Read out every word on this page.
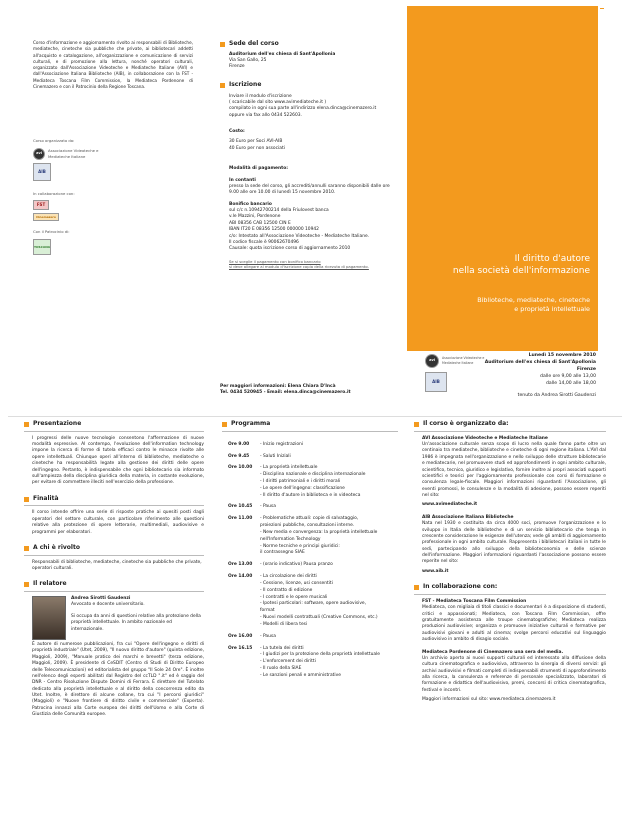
Corso d'informazione e aggiornamento rivolto ai responsabili di Biblioteche, mediateche, cineteche sia pubbliche che private, ai bibliotecari addetti all'acquisto e catalogazione, all'organizzazione e comunicazione di servizi culturali, e di promozione alla lettura, nonché operatori culturali, organizzato dall'Associazione Videoteche e Mediateche Italiane (AVI) e dall'Associazione Italiana Biblioteche (AIB), in collaborazione con la FST - Mediateca Toscana Film Commission, la Mediateca Pordenone di Cinemazero e con il Patrocinio della Regione Toscana.

Corso organizzato da:
avi	Associazione Videoteche e Mediateche Italiane
AIB
In collaborazione con:
FST
Cinemazero
Con il Patrocinio di:
TOSCANA
Sede del corso
Auditorium dell'ex chiesa di Sant'Apollonia
Via San Gallo, 25
Firenze
Iscrizione
Inviare il modulo d'iscrizione
( scaricabile dal sito www.avimediateche.it )
compilato in ogni sua parte all'indirizzo elena.dinca@cinemazero.it
oppure via fax allo 0434 522603.
Costo:
30 Euro per Soci AVI-AIB
40 Euro per non associati
Modalità di pagamento:
In contanti
presso la sede del corso, gli accrediti/annulli saranno disponibili dalle ore 9.00 alle ore 10.00 di lunedì 15 novembre 2010.
Bonifico bancario
sul c/c n.10942700214 della Friulovest banca
v.le Mazzini, Pordenone
ABI 08356 CAB 12500 CIN E
IBAN IT20 E 08356 12500 000000 10942
c/o: Intestato all'Associazione Videoteche - Mediateche Italiane.
Il codice fiscale è 90062670496
Causale: quota iscrizione corso di aggiornamento 2010
Se si sceglie il pagamento con bonifico bancario
si deve allegare al modulo d'iscrizione copia della ricevuta di pagamento.
Per maggiori informazioni: Elena Chiara D'Incà
Tel. 0434 520945 - Email: elena.dinca@cinemazero.it
Il diritto d'autore
nella società dell'informazione
Biblioteche, mediateche, cineteche
e proprietà intellettuale
avi
Associazione Videoteche e Mediateche Italiane
AIB
Lunedì 15 novembre 2010
Auditorium dell'ex chiesa di Sant'Apollonia
Firenze
dalle ore 9,00 alle 13,00
dalle 14,00 alle 18,00
tenuto da Andrea Sirotti Gaudenzi
Presentazione

I progressi delle nuove tecnologie consentono l'affermazione di nuove modalità espressive. Al contempo, l'evoluzione dell'information technology impone la ricerca di forme di tutela efficaci contro le minacce rivolte alle opere intellettuali. Chiunque operi all'interno di biblioteche, mediateche o cineteche ha responsabilità legate alla gestione dei diritti delle opere dell'ingegno. Pertanto, è indispensabile che ogni bibliotecario sia informato sull'ampiezza della disciplina giuridica della materia, in costante evoluzione, per evitare di commettere illeciti nell'esercizio della professione.

Finalità

Il corso intende offrire una serie di risposte pratiche ai quesiti posti dagli operatori del settore culturale, con particolare riferimento alle questioni relative alla protezione di opere letterarie, multimediali, audiovisive e programmi per elaboratori.

A chi è rivolto

Responsabili di biblioteche, mediateche, cineteche sia pubbliche che private, operatori culturali.

Il relatore
Andrea Sirotti Gaudenzi
Avvocato e docente universitario.

Si occupa da anni di questioni relative alla protezione della proprietà intellettuale. In ambito nazionale ed internazionale.

È autore di numerose pubblicazioni, fra cui "Opere dell'ingegno e diritti di proprietà industriale" (Utet, 2009), "Il nuovo diritto d'autore" (quinta edizione, Maggioli, 2009), "Manuale pratico dei marchi e brevetti" (terza edizione, Maggioli, 2009). È presidente di CeSDIT (Centro di Studi di Diritto Europeo delle Telecomunicazioni) ed editorialista del gruppo "Il Sole 24 Ore". È inoltre nell'elenco degli esperti abilitati dal Registro del ccTLD ".it" ed è saggio del DNR - Centro Risoluzione Dispute Domini di Ferrara. È direttore del Tutelato dedicato alla proprietà intellettuale e al diritto della concorrenza edito da Utet. Inoltre, è direttore di alcune collane, tra cui "I percorsi giuridici" (Maggioli) e "Nuove frontiere di diritto civile e commerciale" (Experta). Patrocina innanzi alla Corte europea dei diritti dell'Uomo e alla Corte di Giustizia delle Comunità europee.

Programma
Ore 9.00	- Inizio registrazioni
Ore 9.45	- Saluti Iniziali
Ore 10.00	- La proprietà intellettuale
- Disciplina nazionale e disciplina internazionale
- I diritti patrimoniali e i diritti morali
- Le opere dell'ingegno: classificazione
- Il diritto d'autore in biblioteca e in videoteca
Ore 10.45	- Pausa
Ore 11.00	- Problematiche attuali: copie di salvataggio,
proiezioni pubbliche, consultazioni interne.
- New media e convergenza: la proprietà intellettuale
nell'Information Technology
- Norme tecniche e principi giuridici:
il contrassegno SIAE
Ore 13.00	- (orario indicativo) Pausa pranzo
Ore 14.00	- La circolazione dei diritti
- Cessione, licenze, usi consentiti
- Il contratto di edizione
- I contratti e le opere musicali
- Ipotesi particolari: software, opere audiovisive,
format
- Nuovi modelli contrattuali (Creative Commons, etc.)
- Modelli di libera tesi
Ore 16.00	- Pausa
Ore 16.15	- La tutela dei diritti
- I giudizi per la protezione della proprietà intellettuale
- L'enforcement dei diritti
- Il ruolo della SIAE
- Le sanzioni penali e amministrative
Il corso è organizzato da:
AVI Associazione Videoteche e Mediateche Italiane

Un'associazione culturale senza scopo di lucro nella quale fanno parte oltre un centinaio tra mediateche, biblioteche e cineteche di ogni regione italiana. L'AVI dal 1986 è impegnata nell'organizzazione e nello sviluppo delle strutture bibliotecarie e mediatecarie, nel promuovere studi ed approfondimenti in ogni ambito culturale, scientifico, tecnico, giuridico e legislativo, fornire inoltre ai propri associati supporti scientifici e teorici per l'aggiornamento professionale con corsi di formazione e consulenza legale-fiscale. Maggiori informazioni riguardanti l'Associazione, gli eventi promossi, le consulenze e la modalità di adesione, possono essere reperiti nel sito:

www.avimediateche.it
AIB Associazione Italiana Biblioteche

Nata nel 1930 e costituita da circa 4000 soci, promuove l'organizzazione e lo sviluppo in Italia delle biblioteche e di un servizio bibliotecario che tenga in crescente considerazione le esigenze dell'utenza; vede gli ambiti di aggiornamento professionale in ogni ambito culturale. Rappresenta i bibliotecari italiani in tutte le sedi, partecipando allo sviluppo della biblioteconomia e delle scienze dell'informazione. Maggiori informazioni riguardanti l'associazione possono essere reperite nel sito:

www.aib.it
In collaborazione con:
FST - Mediateca Toscana Film Commission

Mediateca, con migliaia di titoli classici e documentari è a disposizione di studenti, critici e appassionati; Mediateca, con Toscana Film Commission, offre gratuitamente assistenza alle troupe cinematografiche; Mediateca realizza produzioni audiovisive; organizza e promuove iniziative culturali e formative per audiovisivi giovani e adulti al cinema; svolge percorsi educativi sul linguaggio audiovisivo in ambito di disagio sociale.

Mediateca Pordenone di Cinemazero una sera del media.

Un archivio aperto ai nuovi supporti culturali ed interessato alla diffusione della cultura cinematografica e audiovisiva, attraverso la sinergia di diversi servizi: gli archivi audiovisivi e filmati completi di indispensabili strumenti di approfondimento alla ricerca, la consulenza e referenze di personale specializzato, laboratori di formazione e didattica dell'audiovisivo, premi, concorsi di critica cinematografica, festival e incontri.

Maggiori informazioni sul sito: www.mediateca.cinemazero.it
